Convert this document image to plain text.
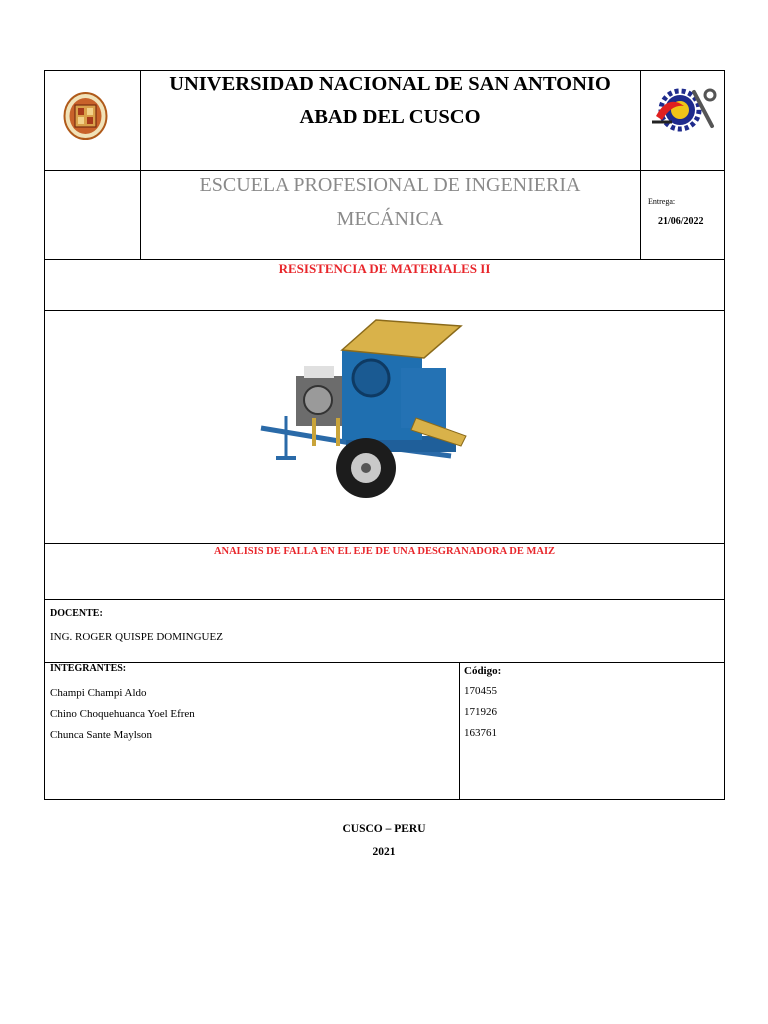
UNIVERSIDAD NACIONAL DE SAN ANTONIO
ABAD DEL CUSCO
ESCUELA PROFESIONAL DE INGENIERIA
MECÁNICA
Entrega:
21/06/2022
RESISTENCIA DE MATERIALES II
ANALISIS DE FALLA EN EL EJE DE UNA DESGRANADORA DE MAIZ
DOCENTE:
ING. ROGER QUISPE DOMINGUEZ
INTEGRANTES:	Código:
Champi Champi Aldo
Chino Choquehuanca Yoel Efren
Chunca Sante Maylson
170455
171926
163761
CUSCO – PERU
2021
